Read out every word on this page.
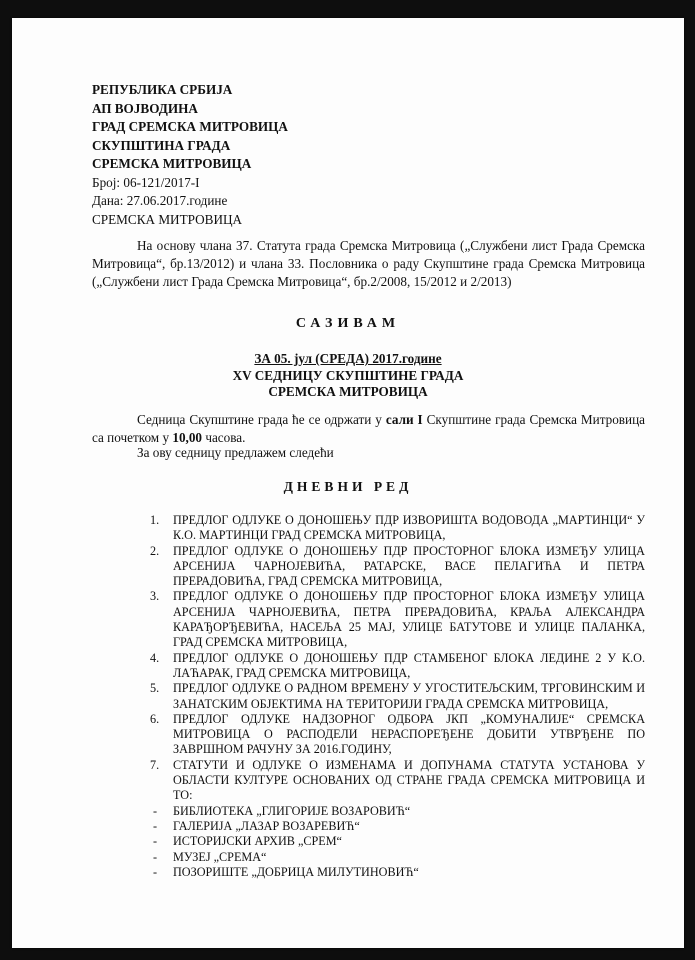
РЕПУБЛИКА СРБИЈА
АП ВОЈВОДИНА
ГРАД СРЕМСКА МИТРОВИЦА
СКУПШТИНА ГРАДА
СРЕМСКА МИТРОВИЦА
Број: 06-121/2017-I
Дана: 27.06.2017.године
СРЕМСКА МИТРОВИЦА
На основу члана 37. Статута града Сремска Митровица („Службени лист Града Сремска Митровица“, бр.13/2012) и члана 33. Пословника о раду Скупштине града Сремска Митровица („Службени лист Града Сремска Митровица“, бр.2/2008, 15/2012 и 2/2013)
САЗИВАМ
ЗА 05. јул (СРЕДА) 2017.године
XV СЕДНИЦУ СКУПШТИНЕ ГРАДА
СРЕМСКА МИТРОВИЦА
Седница Скупштине града ће се одржати у сали I Скупштине града Сремска Митровица са почетком у 10,00 часова.
За ову седницу предлажем следећи
ДНЕВНИ РЕД
1. ПРЕДЛОГ ОДЛУКЕ О ДОНОШЕЊУ ПДР ИЗВОРИШТА ВОДОВОДА „МАРТИНЦИ“ У К.О. МАРТИНЦИ ГРАД СРЕМСКА МИТРОВИЦА,
2. ПРЕДЛОГ ОДЛУКЕ О ДОНОШЕЊУ ПДР ПРОСТОРНОГ БЛОКА ИЗМЕЂУ УЛИЦА АРСЕНИЈА ЧАРНОЈЕВИЋА, РАТАРСКЕ, ВАСЕ ПЕЛАГИЋА И ПЕТРА ПРЕРАДОВИЋА, ГРАД СРЕМСКА МИТРОВИЦА,
3. ПРЕДЛОГ ОДЛУКЕ О ДОНОШЕЊУ ПДР ПРОСТОРНОГ БЛОКА ИЗМЕЂУ УЛИЦА АРСЕНИЈА ЧАРНОЈЕВИЋА, ПЕТРА ПРЕРАДОВИЋА, КРАЉА АЛЕКСАНДРА КАРАЂОРЂЕВИЋА, НАСЕЉА 25 МАЈ, УЛИЦЕ БАТУТОВЕ И УЛИЦЕ ПАЛАНКА, ГРАД СРЕМСКА МИТРОВИЦА,
4. ПРЕДЛОГ ОДЛУКЕ О ДОНОШЕЊУ ПДР СТАМБЕНОГ БЛОКА ЛЕДИНЕ 2 У К.О. ЛАЋАРАК, ГРАД СРЕМСКА МИТРОВИЦА,
5. ПРЕДЛОГ ОДЛУКЕ О РАДНОМ ВРЕМЕНУ У УГОСТИТЕЉСКИМ, ТРГОВИНСКИМ И ЗАНАТСКИМ ОБЈЕКТИМА НА ТЕРИТОРИЈИ ГРАДА СРЕМСКА МИТРОВИЦА,
6. ПРЕДЛОГ ОДЛУКЕ НАДЗОРНОГ ОДБОРА ЈКП „КОМУНАЛИЈЕ“ СРЕМСКА МИТРОВИЦА О РАСПОДЕЛИ НЕРАСПОРЕЂЕНЕ ДОБИТИ УТВРЂЕНЕ ПО ЗАВРШНОМ РАЧУНУ ЗА 2016.ГОДИНУ,
7. СТАТУТИ И ОДЛУКЕ О ИЗМЕНАМА И ДОПУНАМА СТАТУТА УСТАНОВА У ОБЛАСТИ КУЛТУРЕ ОСНОВАНИХ ОД СТРАНЕ ГРАДА СРЕМСКА МИТРОВИЦА И ТО:
- БИБЛИОТЕКА „ГЛИГОРИЈЕ ВОЗАРОВИЋ“
- ГАЛЕРИЈА „ЛАЗАР ВОЗАРЕВИЋ“
- ИСТОРИЈСКИ АРХИВ „СРЕМ“
- МУЗЕЈ „СРЕМА“
- ПОЗОРИШТЕ „ДОБРИЦА МИЛУТИНОВИЋ“
